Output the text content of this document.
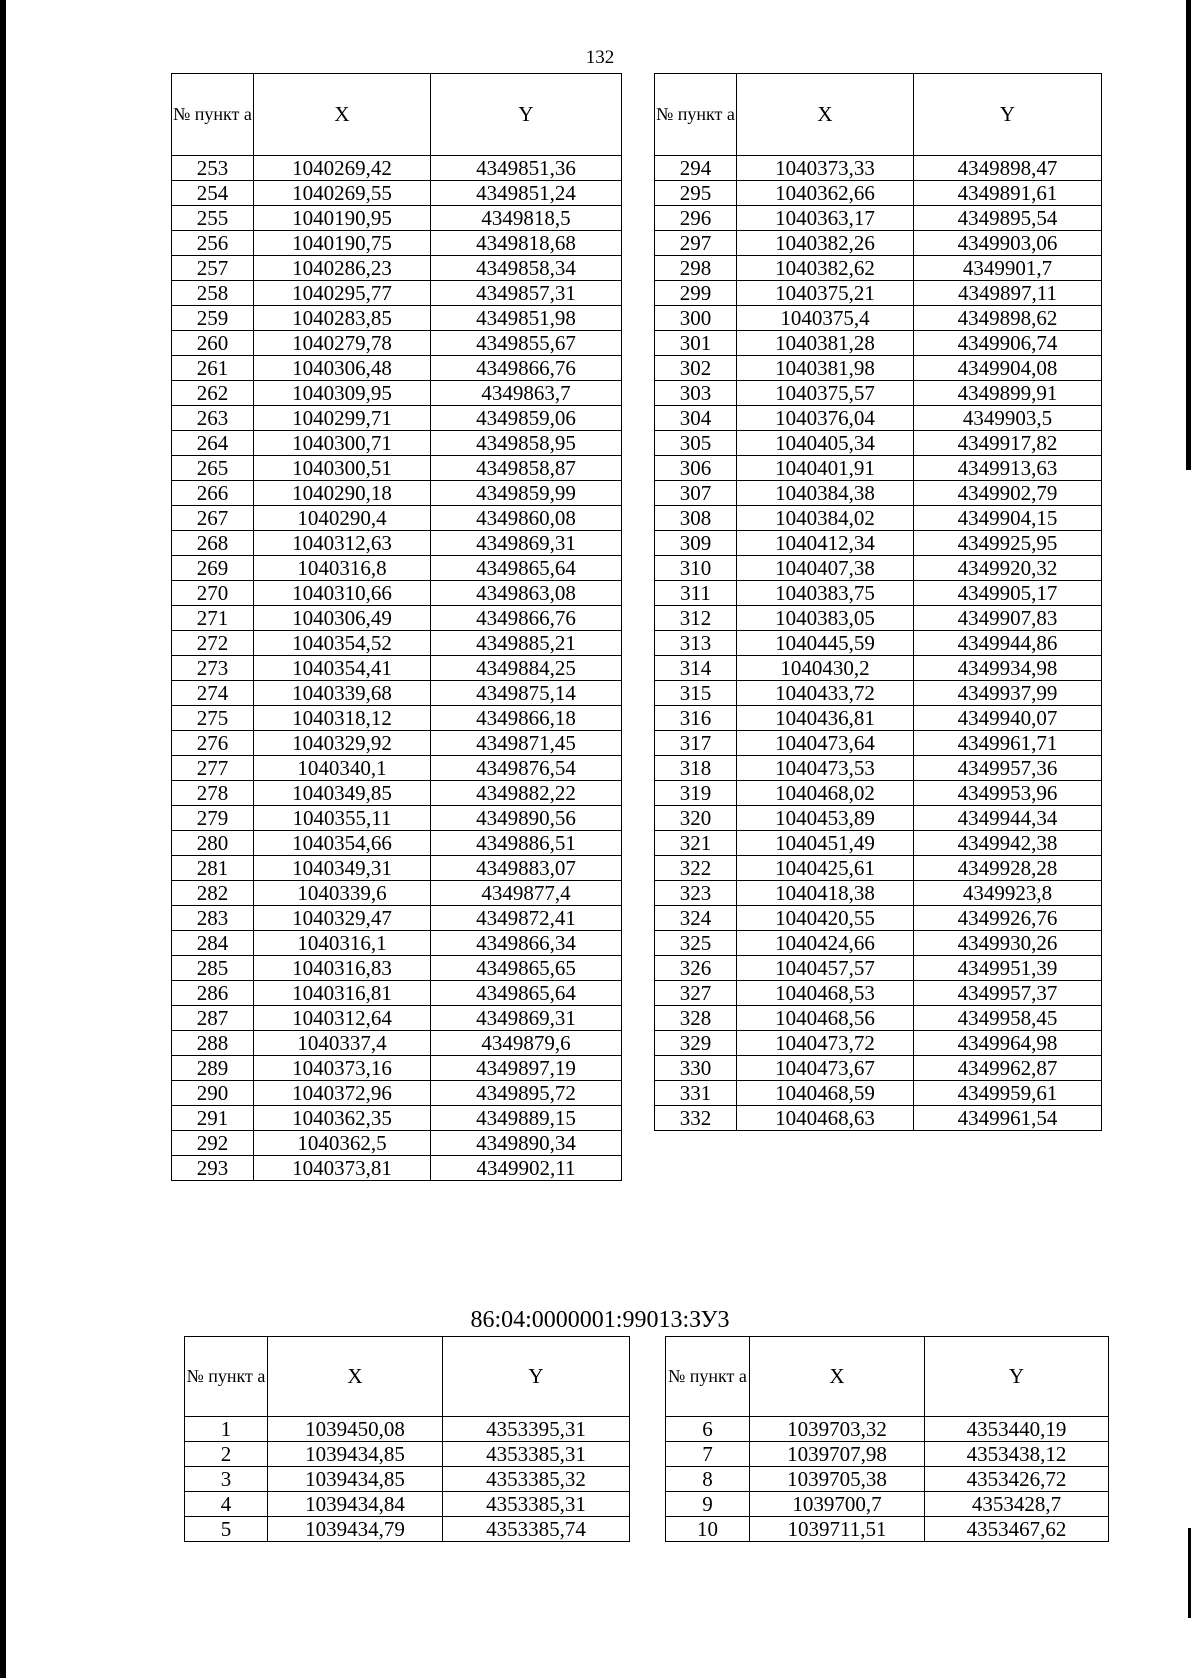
132
№ пункт а	X	Y
253	1040269,42	4349851,36
254	1040269,55	4349851,24
255	1040190,95	4349818,5
256	1040190,75	4349818,68
257	1040286,23	4349858,34
258	1040295,77	4349857,31
259	1040283,85	4349851,98
260	1040279,78	4349855,67
261	1040306,48	4349866,76
262	1040309,95	4349863,7
263	1040299,71	4349859,06
264	1040300,71	4349858,95
265	1040300,51	4349858,87
266	1040290,18	4349859,99
267	1040290,4	4349860,08
268	1040312,63	4349869,31
269	1040316,8	4349865,64
270	1040310,66	4349863,08
271	1040306,49	4349866,76
272	1040354,52	4349885,21
273	1040354,41	4349884,25
274	1040339,68	4349875,14
275	1040318,12	4349866,18
276	1040329,92	4349871,45
277	1040340,1	4349876,54
278	1040349,85	4349882,22
279	1040355,11	4349890,56
280	1040354,66	4349886,51
281	1040349,31	4349883,07
282	1040339,6	4349877,4
283	1040329,47	4349872,41
284	1040316,1	4349866,34
285	1040316,83	4349865,65
286	1040316,81	4349865,64
287	1040312,64	4349869,31
288	1040337,4	4349879,6
289	1040373,16	4349897,19
290	1040372,96	4349895,72
291	1040362,35	4349889,15
292	1040362,5	4349890,34
293	1040373,81	4349902,11
№ пункт а	X	Y
294	1040373,33	4349898,47
295	1040362,66	4349891,61
296	1040363,17	4349895,54
297	1040382,26	4349903,06
298	1040382,62	4349901,7
299	1040375,21	4349897,11
300	1040375,4	4349898,62
301	1040381,28	4349906,74
302	1040381,98	4349904,08
303	1040375,57	4349899,91
304	1040376,04	4349903,5
305	1040405,34	4349917,82
306	1040401,91	4349913,63
307	1040384,38	4349902,79
308	1040384,02	4349904,15
309	1040412,34	4349925,95
310	1040407,38	4349920,32
311	1040383,75	4349905,17
312	1040383,05	4349907,83
313	1040445,59	4349944,86
314	1040430,2	4349934,98
315	1040433,72	4349937,99
316	1040436,81	4349940,07
317	1040473,64	4349961,71
318	1040473,53	4349957,36
319	1040468,02	4349953,96
320	1040453,89	4349944,34
321	1040451,49	4349942,38
322	1040425,61	4349928,28
323	1040418,38	4349923,8
324	1040420,55	4349926,76
325	1040424,66	4349930,26
326	1040457,57	4349951,39
327	1040468,53	4349957,37
328	1040468,56	4349958,45
329	1040473,72	4349964,98
330	1040473,67	4349962,87
331	1040468,59	4349959,61
332	1040468,63	4349961,54
86:04:0000001:99013:ЗУ3
№ пункт а	X	Y
1	1039450,08	4353395,31
2	1039434,85	4353385,31
3	1039434,85	4353385,32
4	1039434,84	4353385,31
5	1039434,79	4353385,74
№ пункт а	X	Y
6	1039703,32	4353440,19
7	1039707,98	4353438,12
8	1039705,38	4353426,72
9	1039700,7	4353428,7
10	1039711,51	4353467,62
